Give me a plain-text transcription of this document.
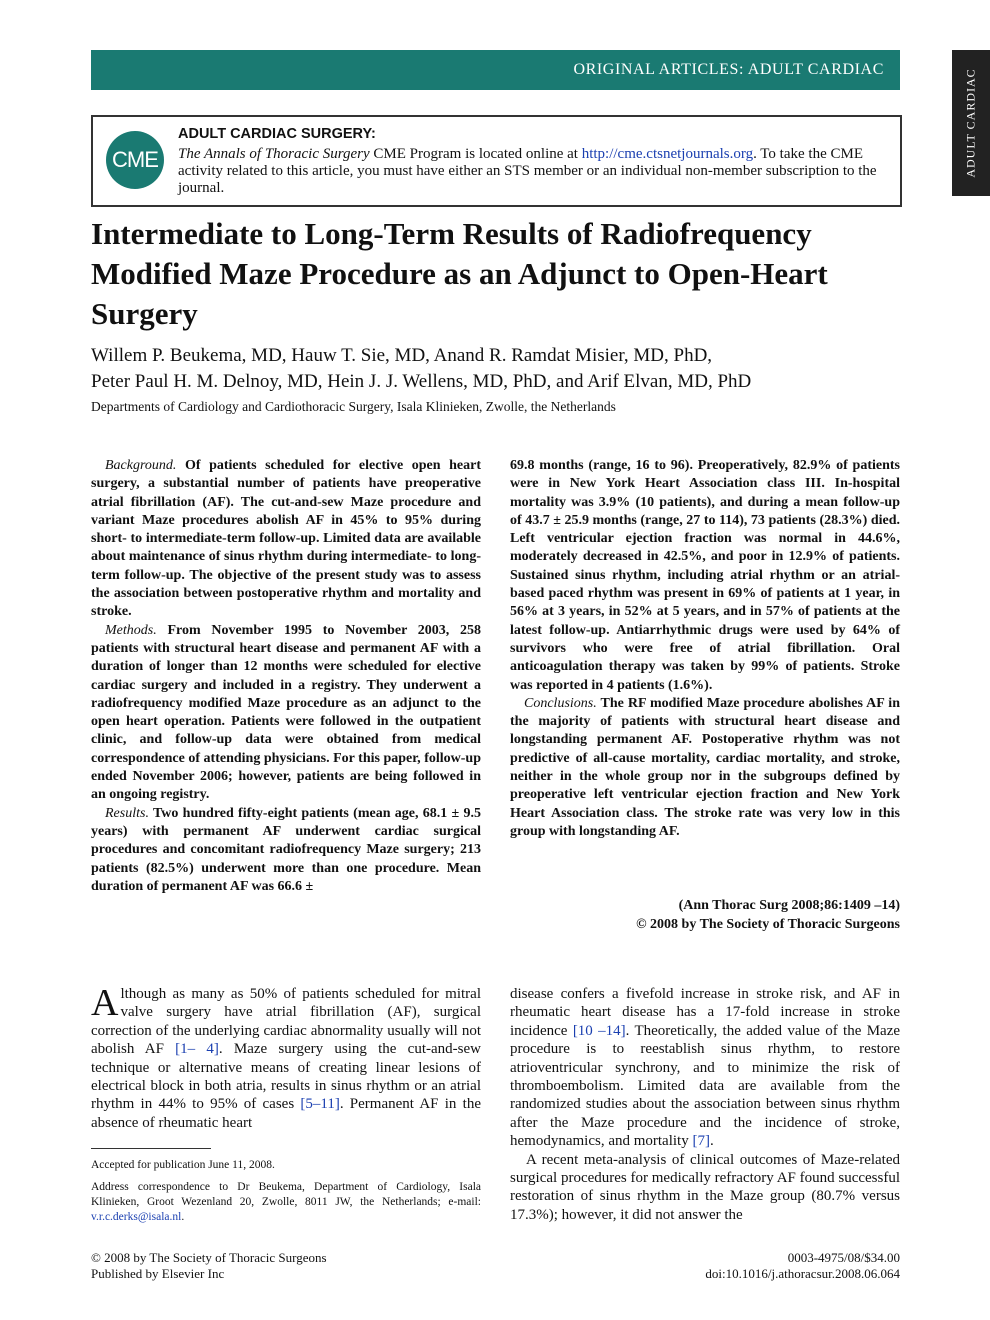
ORIGINAL ARTICLES: ADULT CARDIAC	ADULT CARDIAC
CME
ADULT CARDIAC SURGERY:
The Annals of Thoracic Surgery CME Program is located online at http://cme.ctsnetjournals.org. To take the CME activity related to this article, you must have either an STS member or an individual non-member subscription to the journal.
Intermediate to Long-Term Results of Radiofrequency Modified Maze Procedure as an Adjunct to Open-Heart Surgery
Willem P. Beukema, MD, Hauw T. Sie, MD, Anand R. Ramdat Misier, MD, PhD,
Peter Paul H. M. Delnoy, MD, Hein J. J. Wellens, MD, PhD, and Arif Elvan, MD, PhD
Departments of Cardiology and Cardiothoracic Surgery, Isala Klinieken, Zwolle, the Netherlands

Background. Of patients scheduled for elective open heart surgery, a substantial number of patients have preoperative atrial fibrillation (AF). The cut-and-sew Maze procedure and variant Maze procedures abolish AF in 45% to 95% during short- to intermediate-term follow-up. Limited data are available about maintenance of sinus rhythm during intermediate- to long-term follow-up. The objective of the present study was to assess the association between postoperative rhythm and mortality and stroke.

Methods. From November 1995 to November 2003, 258 patients with structural heart disease and permanent AF with a duration of longer than 12 months were scheduled for elective cardiac surgery and included in a registry. They underwent a radiofrequency modified Maze procedure as an adjunct to the open heart operation. Patients were followed in the outpatient clinic, and follow-up data were obtained from medical correspondence of attending physicians. For this paper, follow-up ended November 2006; however, patients are being followed in an ongoing registry.

Results. Two hundred fifty-eight patients (mean age, 68.1 ± 9.5 years) with permanent AF underwent cardiac surgical procedures and concomitant radiofrequency Maze surgery; 213 patients (82.5%) underwent more than one procedure. Mean duration of permanent AF was 66.6 ±

69.8 months (range, 16 to 96). Preoperatively, 82.9% of patients were in New York Heart Association class III. In-hospital mortality was 3.9% (10 patients), and during a mean follow-up of 43.7 ± 25.9 months (range, 27 to 114), 73 patients (28.3%) died. Left ventricular ejection fraction was normal in 44.6%, moderately decreased in 42.5%, and poor in 12.9% of patients. Sustained sinus rhythm, including atrial rhythm or an atrial-based paced rhythm was present in 69% of patients at 1 year, in 56% at 3 years, in 52% at 5 years, and in 57% of patients at the latest follow-up. Antiarrhythmic drugs were used by 64% of survivors who were free of atrial fibrillation. Oral anticoagulation therapy was taken by 99% of patients. Stroke was reported in 4 patients (1.6%).

Conclusions. The RF modified Maze procedure abolishes AF in the majority of patients with structural heart disease and longstanding permanent AF. Postoperative rhythm was not predictive of all-cause mortality, cardiac mortality, and stroke, neither in the whole group nor in the subgroups defined by preoperative left ventricular ejection fraction and New York Heart Association class. The stroke rate was very low in this group with longstanding AF.

(Ann Thorac Surg 2008;86:1409 –14)
© 2008 by The Society of Thoracic Surgeons

Although as many as 50% of patients scheduled for mitral valve surgery have atrial fibrillation (AF), surgical correction of the underlying cardiac abnormality usually will not abolish AF [1– 4]. Maze surgery using the cut-and-sew technique or alternative means of creating linear lesions of electrical block in both atria, results in sinus rhythm or an atrial rhythm in 44% to 95% of cases [5–11]. Permanent AF in the absence of rheumatic heart

disease confers a fivefold increase in stroke risk, and AF in rheumatic heart disease has a 17-fold increase in stroke incidence [10 –14]. Theoretically, the added value of the Maze procedure is to reestablish sinus rhythm, to restore atrioventricular synchrony, and to minimize the risk of thromboembolism. Limited data are available from the randomized studies about the association between sinus rhythm after the Maze procedure and the incidence of stroke, hemodynamics, and mortality [7].

A recent meta-analysis of clinical outcomes of Maze-related surgical procedures for medically refractory AF found successful restoration of sinus rhythm in the Maze group (80.7% versus 17.3%); however, it did not answer the

Accepted for publication June 11, 2008.
Address correspondence to Dr Beukema, Department of Cardiology, Isala Klinieken, Groot Wezenland 20, Zwolle, 8011 JW, the Netherlands; e-mail: v.r.c.derks@isala.nl.
© 2008 by The Society of Thoracic Surgeons
Published by Elsevier Inc
0003-4975/08/$34.00
doi:10.1016/j.athoracsur.2008.06.064
